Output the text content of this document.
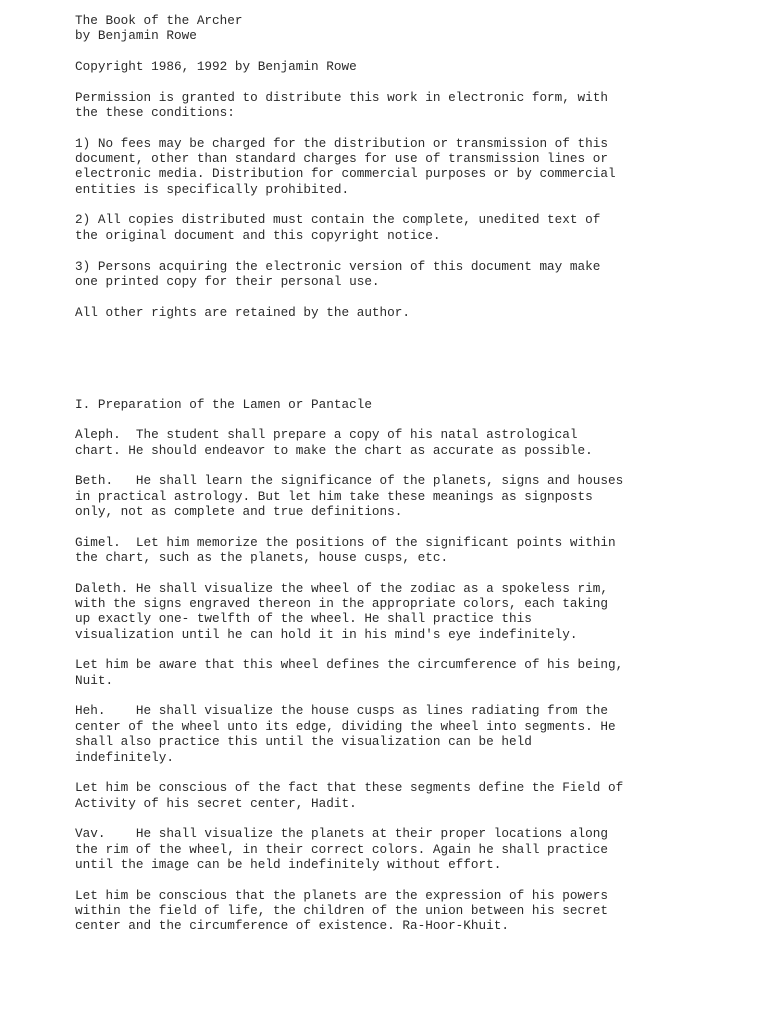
The Book of the Archer
by Benjamin Rowe
Copyright 1986, 1992 by Benjamin Rowe
Permission is granted to distribute this work in electronic form, with
the these conditions:
1) No fees may be charged for the distribution or transmission of this
document, other than standard charges for use of transmission lines or
electronic media. Distribution for commercial purposes or by commercial
entities is specifically prohibited.
2) All copies distributed must contain the complete, unedited text of
the original document and this copyright notice.
3) Persons acquiring the electronic version of this document may make
one printed copy for their personal use.
All other rights are retained by the author.
I. Preparation of the Lamen or Pantacle
Aleph.  The student shall prepare a copy of his natal astrological
chart. He should endeavor to make the chart as accurate as possible.
Beth.   He shall learn the significance of the planets, signs and houses
in practical astrology. But let him take these meanings as signposts
only, not as complete and true definitions.
Gimel.  Let him memorize the positions of the significant points within
the chart, such as the planets, house cusps, etc.
Daleth. He shall visualize the wheel of the zodiac as a spokeless rim,
with the signs engraved thereon in the appropriate colors, each taking
up exactly one- twelfth of the wheel. He shall practice this
visualization until he can hold it in his mind's eye indefinitely.
Let him be aware that this wheel defines the circumference of his being,
Nuit.
Heh.    He shall visualize the house cusps as lines radiating from the
center of the wheel unto its edge, dividing the wheel into segments. He
shall also practice this until the visualization can be held
indefinitely.
Let him be conscious of the fact that these segments define the Field of
Activity of his secret center, Hadit.
Vav.    He shall visualize the planets at their proper locations along
the rim of the wheel, in their correct colors. Again he shall practice
until the image can be held indefinitely without effort.
Let him be conscious that the planets are the expression of his powers
within the field of life, the children of the union between his secret
center and the circumference of existence. Ra-Hoor-Khuit.
